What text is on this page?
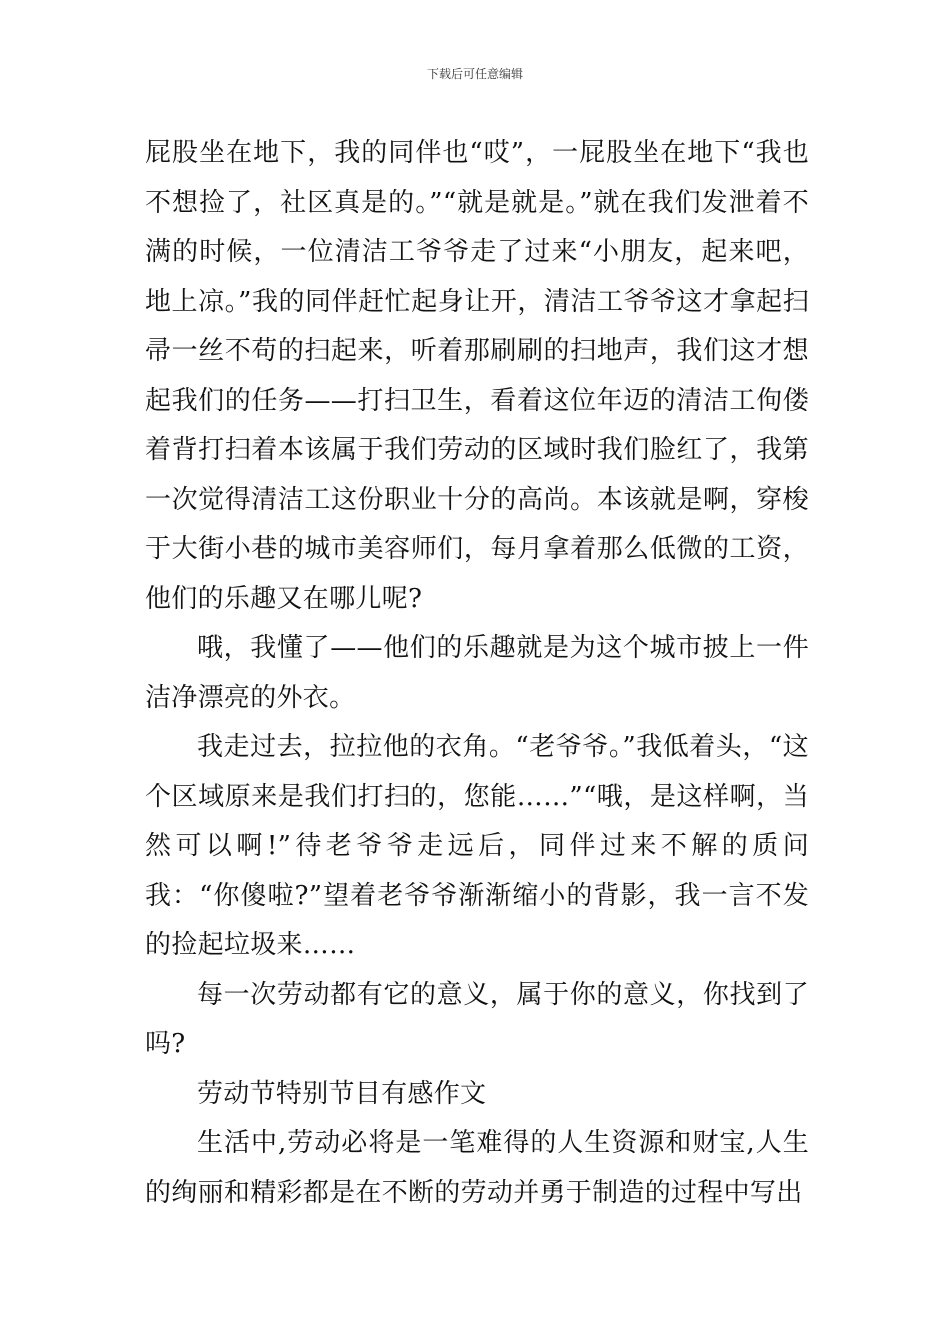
下载后可任意编辑

屁股坐在地下，我的同伴也“哎”，一屁股坐在地下“我也不想捡了，社区真是的。”“就是就是。”就在我们发泄着不满的时候，一位清洁工爷爷走了过来“小朋友，起来吧，地上凉。”我的同伴赶忙起身让开，清洁工爷爷这才拿起扫帚一丝不苟的扫起来，听着那刷刷的扫地声，我们这才想起我们的任务——打扫卫生，看着这位年迈的清洁工佝偻着背打扫着本该属于我们劳动的区域时我们脸红了，我第一次觉得清洁工这份职业十分的高尚。本该就是啊，穿梭于大街小巷的城市美容师们，每月拿着那么低微的工资，他们的乐趣又在哪儿呢?

哦，我懂了——他们的乐趣就是为这个城市披上一件洁净漂亮的外衣。

我走过去，拉拉他的衣角。“老爷爷。”我低着头，“这个区域原来是我们打扫的，您能……”“哦，是这样啊，当然可以啊!”待老爷爷走远后，同伴过来不解的质问我：“你傻啦?”望着老爷爷渐渐缩小的背影，我一言不发的捡起垃圾来……

每一次劳动都有它的意义，属于你的意义，你找到了吗?

劳动节特别节目有感作文

生活中,劳动必将是一笔难得的人生资源和财宝,人生的绚丽和精彩都是在不断的劳动并勇于制造的过程中写出
